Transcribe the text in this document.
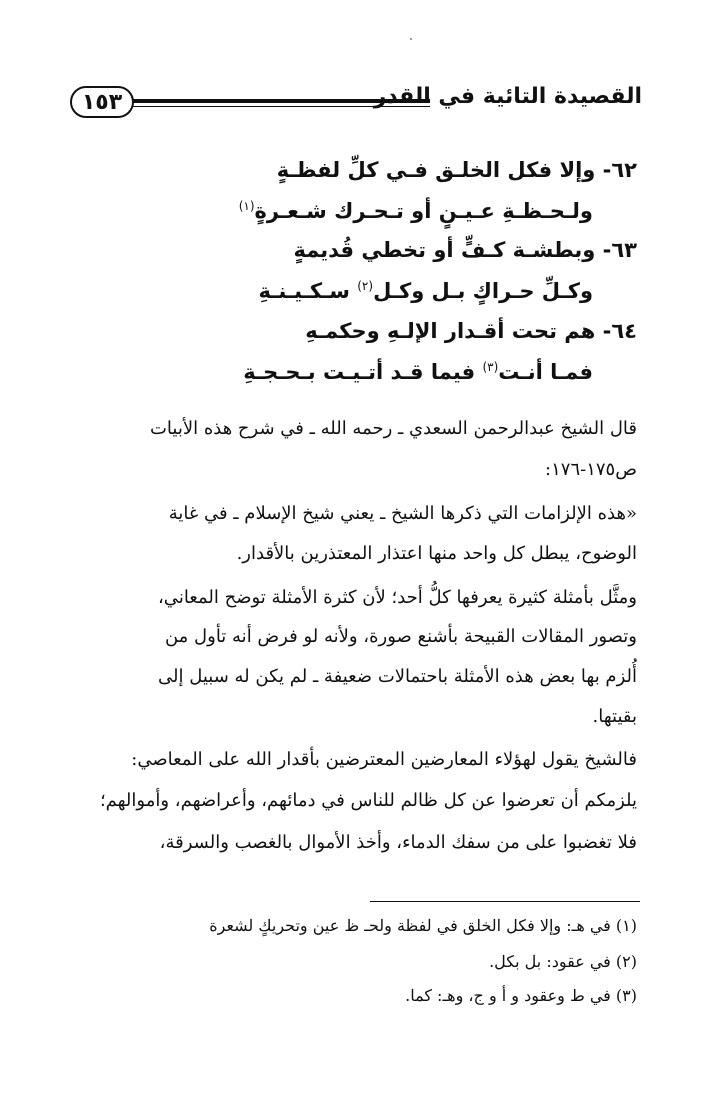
القصيدة التائية في القدر
١٥٣
٦٢- وإلا فكل الخلـق فـي كلِّ لفظـةٍ
ولـحـظـةِ عـيـنٍ أو تـحـرك شـعـرةٍ$^{(١)}$
٦٣- وبطشـة كـفٍّ أو تخطي قُديمةٍ
وكـلِّ حـراكٍ بـل وكـل$^{(٢)}$ سـكـيـنـةِ
٦٤- هم تحت أقـدار الإلـهِ وحكمـهِ
فمـا أنـت$^{(٣)}$ فيما قـد أتـيـت بـحـجـةِ
قال الشيخ عبدالرحمن السعدي ـ رحمه الله ـ في شرح هذه الأبيات
ص١٧٥-١٧٦:
«هذه الإلزامات التي ذكرها الشيخ ـ يعني شيخ الإسلام ـ في غاية
الوضوح، يبطل كل واحد منها اعتذار المعتذرين بالأقدار.
ومثَّل بأمثلة كثيرة يعرفها كلُّ أحد؛ لأن كثرة الأمثلة توضح المعاني،
وتصور المقالات القبيحة بأشنع صورة، ولأنه لو فرض أنه تأول من
أُلزم بها بعض هذه الأمثلة باحتمالات ضعيفة ـ لم يكن له سبيل إلى
بقيتها.
فالشيخ يقول لهؤلاء المعارضين المعترضين بأقدار الله على المعاصي:
يلزمكم أن تعرضوا عن كل ظالم للناس في دمائهم، وأعراضهم، وأموالهم؛
فلا تغضبوا على من سفك الدماء، وأخذ الأموال بالغصب والسرقة،
(١) في هـ: وإلا فكل الخلق في لفظة ولحـ ظ عين وتحريكٍ لشعرة
(٢) في عقود: بل بكل.
(٣) في ط وعقود و أ و ج، وهـ: كما.
